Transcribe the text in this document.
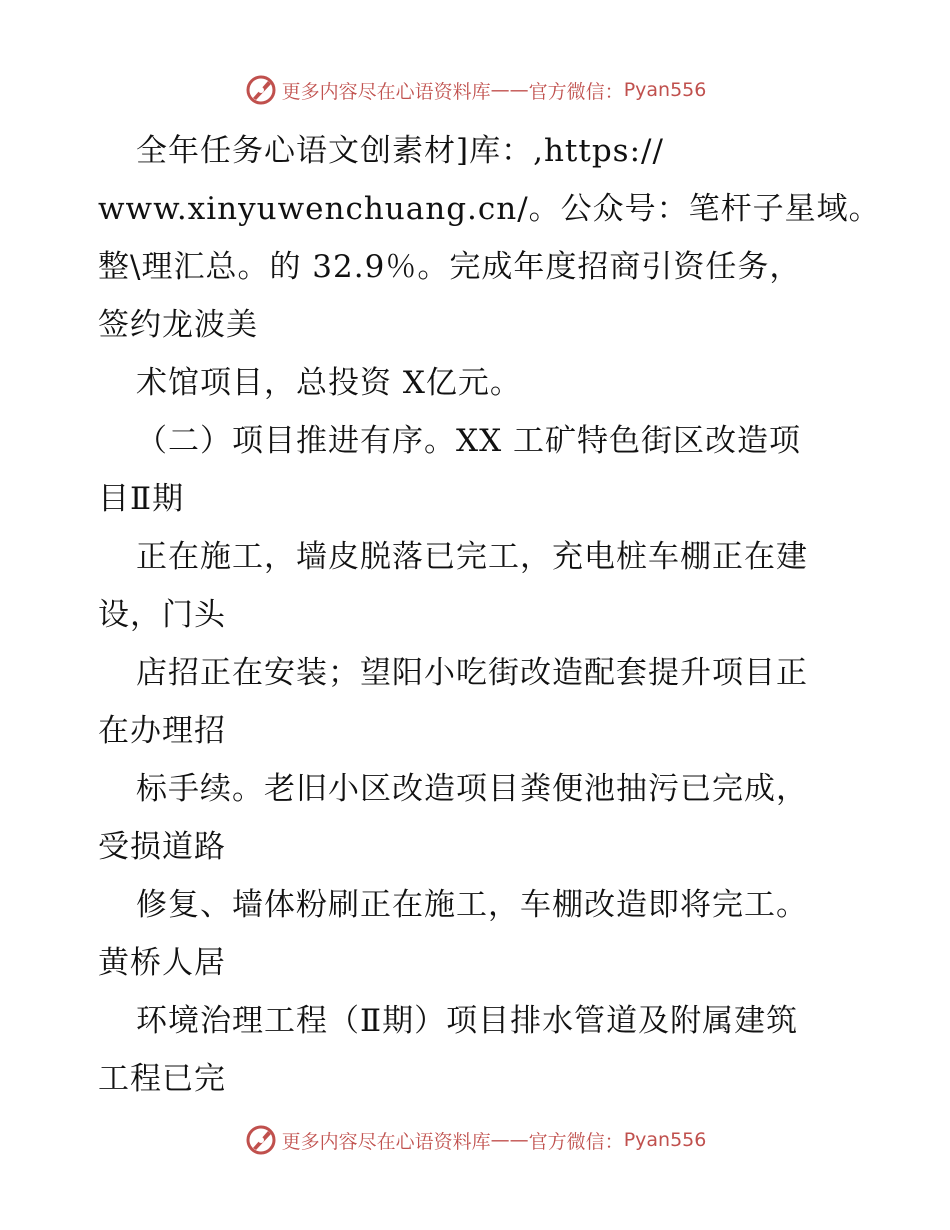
更多内容尽在心语资料库 —— 官方微信： Pyan556
全年任务心语文创素材]库：,https://
www.xinyuwenchuang.cn/。公众号：笔杆子星域。
整\理汇总。的 32.9％。完成年度招商引资任务，
签约龙波美
术馆项目，总投资 X亿元。
（二）项目推进有序。XX 工矿特色街区改造项
目Ⅱ期
正在施工，墙皮脱落已完工，充电桩车棚正在建
设，门头
店招正在安装；望阳小吃街改造配套提升项目正
在办理招
标手续。老旧小区改造项目粪便池抽污已完成，
受损道路
修复、墙体粉刷正在施工，车棚改造即将完工。
黄桥人居
环境治理工程（Ⅱ期）项目排水管道及附属建筑
工程已完
更多内容尽在心语资料库 —— 官方微信： Pyan556
